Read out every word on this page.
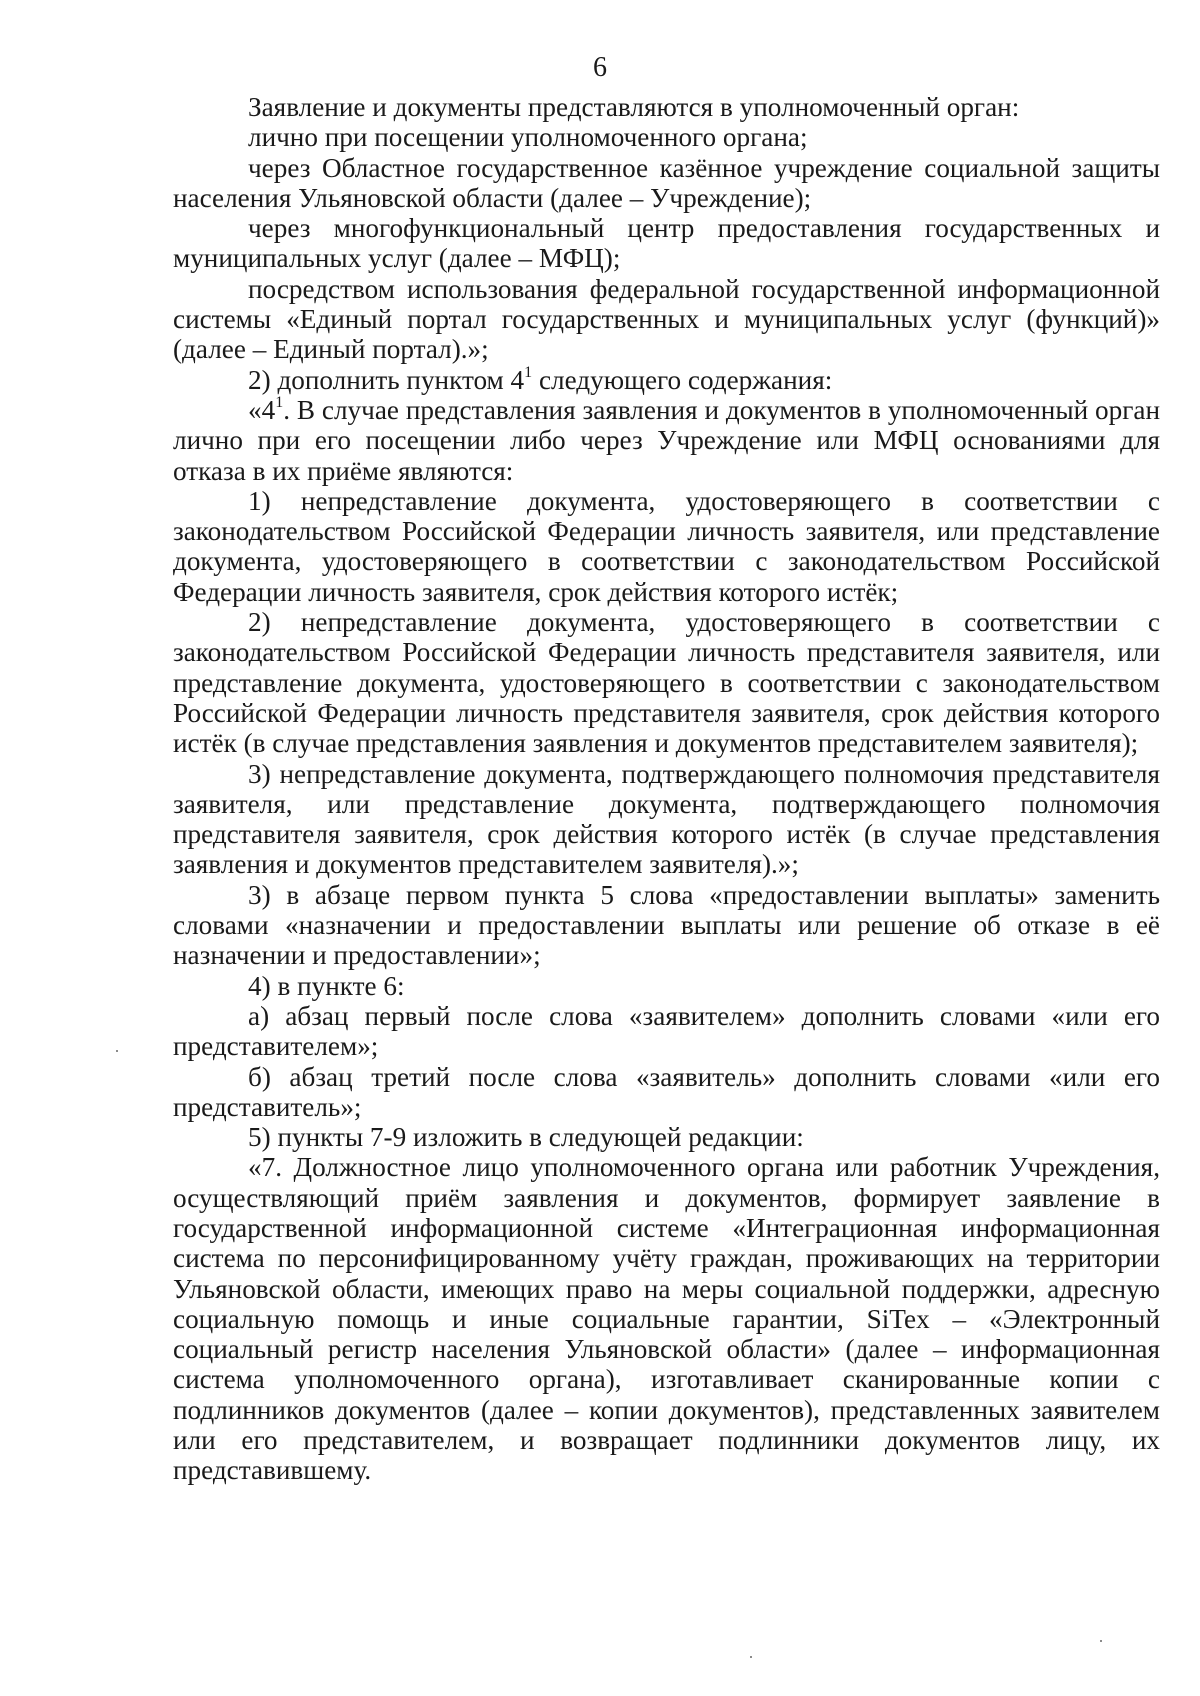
6

Заявление и документы представляются в уполномоченный орган:

лично при посещении уполномоченного органа;

через Областное государственное казённое учреждение социальной защиты населения Ульяновской области (далее – Учреждение);

через многофункциональный центр предоставления государственных и муниципальных услуг (далее – МФЦ);

посредством использования федеральной государственной информационной системы «Единый портал государственных и муниципальных услуг (функций)» (далее – Единый портал).»;

2) дополнить пунктом $4^1$ следующего содержания:

«$4^1$. В случае представления заявления и документов в уполномоченный орган лично при его посещении либо через Учреждение или МФЦ основаниями для отказа в их приёме являются:

1) непредставление документа, удостоверяющего в соответствии с законодательством Российской Федерации личность заявителя, или представление документа, удостоверяющего в соответствии с законодательством Российской Федерации личность заявителя, срок действия которого истёк;

2) непредставление документа, удостоверяющего в соответствии с законодательством Российской Федерации личность представителя заявителя, или представление документа, удостоверяющего в соответствии с законодательством Российской Федерации личность представителя заявителя, срок действия которого истёк (в случае представления заявления и документов представителем заявителя);

3) непредставление документа, подтверждающего полномочия представителя заявителя, или представление документа, подтверждающего полномочия представителя заявителя, срок действия которого истёк (в случае представления заявления и документов представителем заявителя).»;

3) в абзаце первом пункта 5 слова «предоставлении выплаты» заменить словами «назначении и предоставлении выплаты или решение об отказе в её назначении и предоставлении»;

4) в пункте 6:

а) абзац первый после слова «заявителем» дополнить словами «или его представителем»;

б) абзац третий после слова «заявитель» дополнить словами «или его представитель»;

5) пункты 7-9 изложить в следующей редакции:

«7. Должностное лицо уполномоченного органа или работник Учреждения, осуществляющий приём заявления и документов, формирует заявление в государственной информационной системе «Интеграционная информационная система по персонифицированному учёту граждан, проживающих на территории Ульяновской области, имеющих право на меры социальной поддержки, адресную социальную помощь и иные социальные гарантии, SiTex – «Электронный социальный регистр населения Ульяновской области» (далее – информационная система уполномоченного органа), изготавливает сканированные копии с подлинников документов (далее – копии документов), представленных заявителем или его представителем, и возвращает подлинники документов лицу, их представившему.
